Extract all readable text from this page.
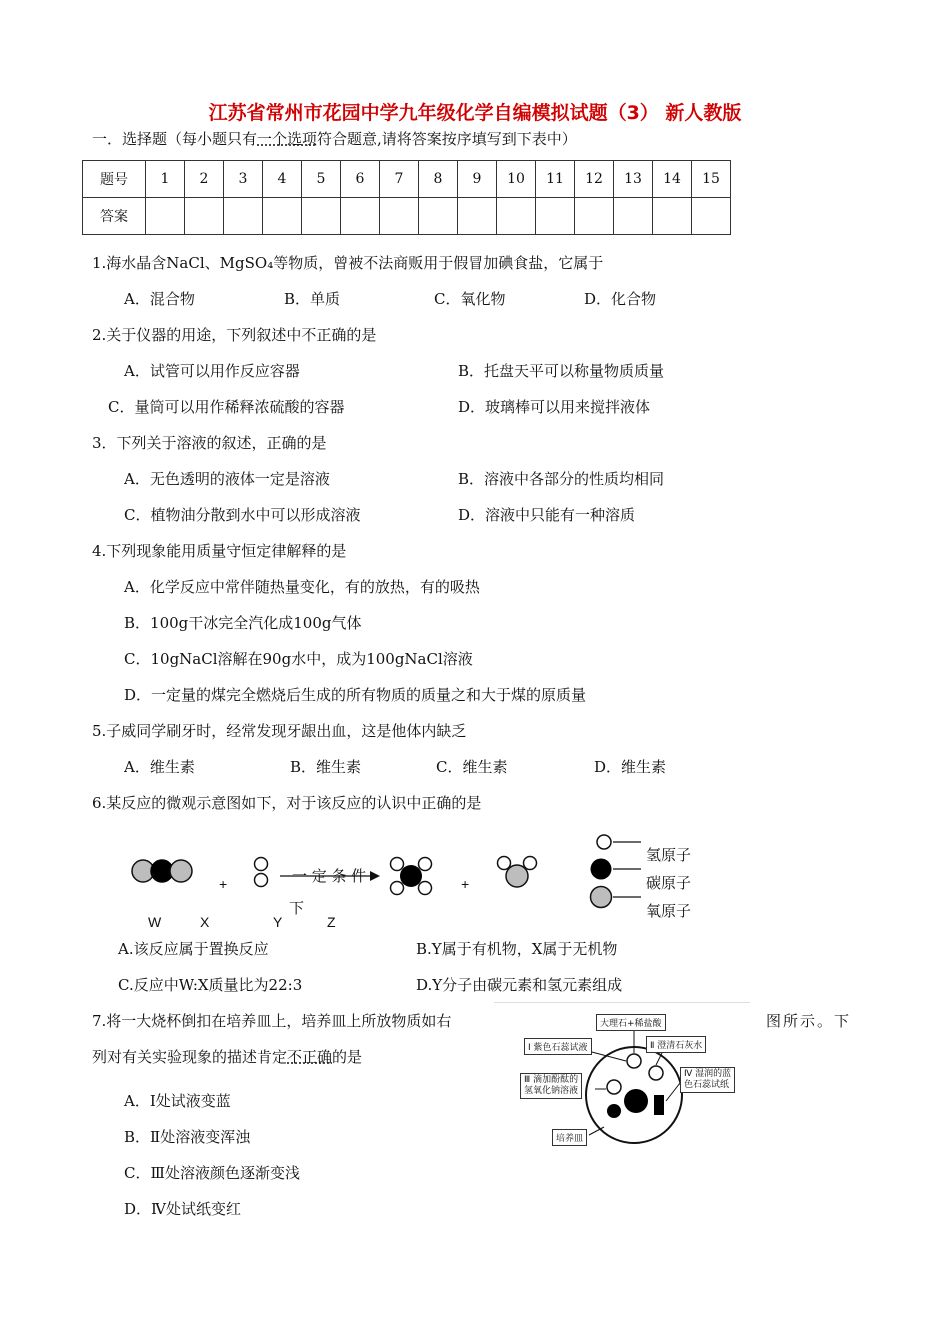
江苏省常州市花园中学九年级化学自编模拟试题（3） 新人教版
一．选择题（每小题只有一个选项符合题意,请将答案按序填写到下表中）
题号	1	2	3	4	5	6	7	8	9	10	11	12	13	14	15
答案															
1.海水晶含NaCl、MgSO₄等物质，曾被不法商贩用于假冒加碘食盐，它属于
A．混合物	B．单质	C．氧化物	D．化合物
2.关于仪器的用途，下列叙述中不正确的是
A．试管可以用作反应容器	B．托盘天平可以称量物质质量
C．量筒可以用作稀释浓硫酸的容器	D．玻璃棒可以用来搅拌液体
3．下列关于溶液的叙述，正确的是
A．无色透明的液体一定是溶液	B．溶液中各部分的性质均相同
C．植物油分散到水中可以形成溶液	D．溶液中只能有一种溶质
4.下列现象能用质量守恒定律解释的是
A．化学反应中常伴随热量变化，有的放热，有的吸热
B．100g干冰完全汽化成100g气体
C．10gNaCl溶解在90g水中，成为100gNaCl溶液
D．一定量的煤完全燃烧后生成的所有物质的质量之和大于煤的原质量
5.子威同学刷牙时，经常发现牙龈出血，这是他体内缺乏
A．维生素	B．维生素	C．维生素	D．维生素
6.某反应的微观示意图如下，对于该反应的认识中正确的是
+	+
一 定 条 件
下
W	X	Y	Z
氢原子
碳原子
氧原子
A.该反应属于置换反应	B.Y属于有机物，X属于无机物
C.反应中W:X质量比为22:3	D.Y分子由碳元素和氢元素组成
7.将一大烧杯倒扣在培养皿上，培养皿上所放物质如右	图所示。下
列对有关实验现象的描述肯定不正确的是
大理石+稀盐酸
Ⅰ 紫色石蕊试液	Ⅱ 澄清石灰水
Ⅲ 滴加酚酞的
氢氧化钠溶液
Ⅳ 湿润的蓝
色石蕊试纸
培养皿
A．Ⅰ处试液变蓝
B．Ⅱ处溶液变浑浊
C．Ⅲ处溶液颜色逐渐变浅
D．Ⅳ处试纸变红
